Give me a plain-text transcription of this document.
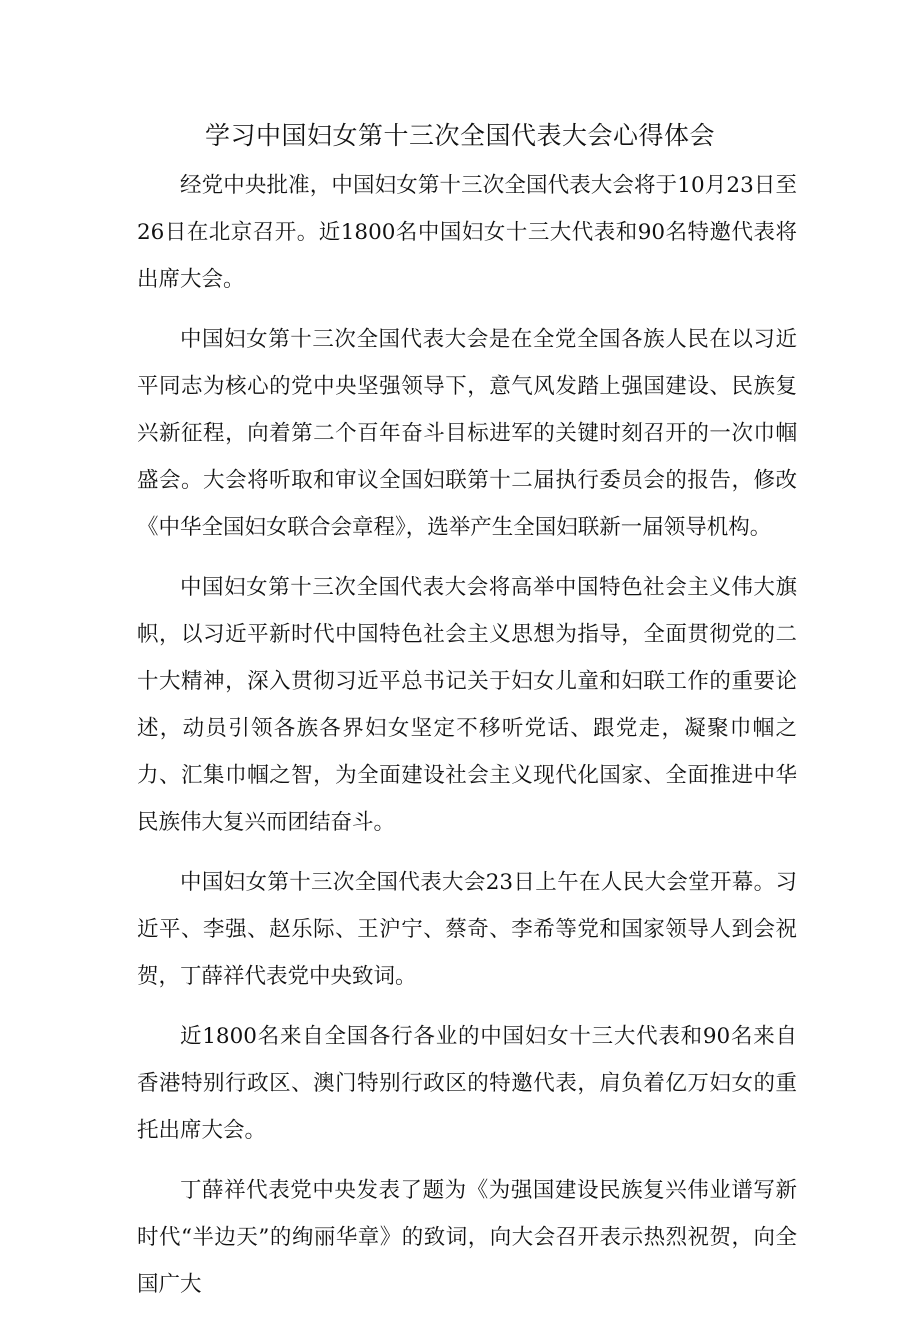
学习中国妇女第十三次全国代表大会心得体会

经党中央批准，中国妇女第十三次全国代表大会将于10月23日至26日在北京召开。近1800名中国妇女十三大代表和90名特邀代表将出席大会。

中国妇女第十三次全国代表大会是在全党全国各族人民在以习近平同志为核心的党中央坚强领导下，意气风发踏上强国建设、民族复兴新征程，向着第二个百年奋斗目标进军的关键时刻召开的一次巾帼盛会。大会将听取和审议全国妇联第十二届执行委员会的报告，修改《中华全国妇女联合会章程》，选举产生全国妇联新一届领导机构。

中国妇女第十三次全国代表大会将高举中国特色社会主义伟大旗帜，以习近平新时代中国特色社会主义思想为指导，全面贯彻党的二十大精神，深入贯彻习近平总书记关于妇女儿童和妇联工作的重要论述，动员引领各族各界妇女坚定不移听党话、跟党走，凝聚巾帼之力、汇集巾帼之智，为全面建设社会主义现代化国家、全面推进中华民族伟大复兴而团结奋斗。

中国妇女第十三次全国代表大会23日上午在人民大会堂开幕。习近平、李强、赵乐际、王沪宁、蔡奇、李希等党和国家领导人到会祝贺，丁薛祥代表党中央致词。

近1800名来自全国各行各业的中国妇女十三大代表和90名来自香港特别行政区、澳门特别行政区的特邀代表，肩负着亿万妇女的重托出席大会。

丁薛祥代表党中央发表了题为《为强国建设民族复兴伟业谱写新时代“半边天”的绚丽华章》的致词，向大会召开表示热烈祝贺，向全国广大
